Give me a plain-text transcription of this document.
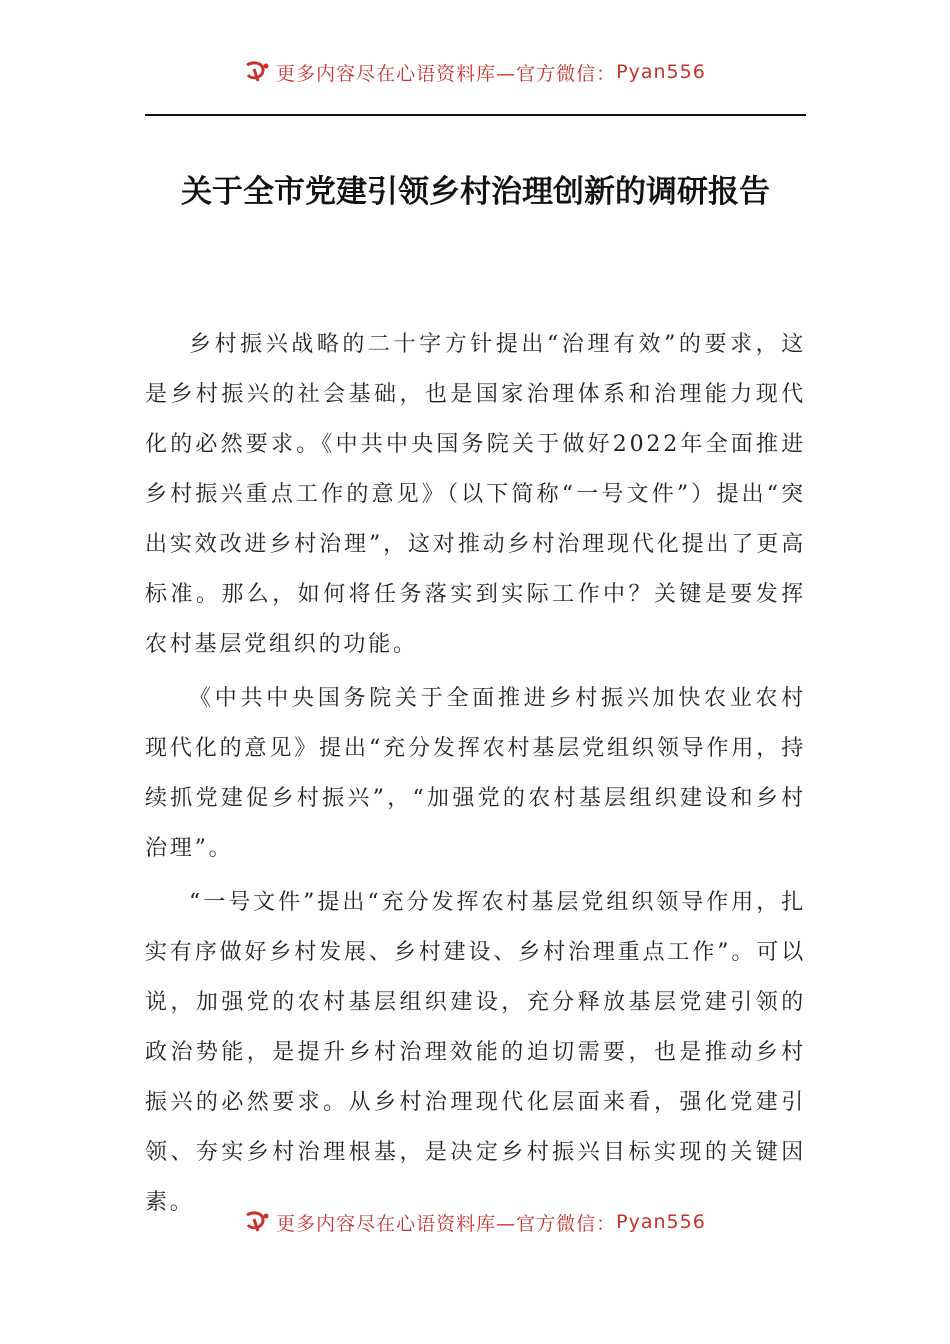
更多内容尽在心语资料库—官方微信： Pyan556
关于全市党建引领乡村治理创新的调研报告

乡村振兴战略的二十字方针提出“治理有效”的要求，这是乡村振兴的社会基础，也是国家治理体系和治理能力现代化的必然要求。《中共中央国务院关于做好2022年全面推进乡村振兴重点工作的意见》（以下简称“一号文件”）提出“突出实效改进乡村治理”，这对推动乡村治理现代化提出了更高标准。那么，如何将任务落实到实际工作中？关键是要发挥农村基层党组织的功能。

《中共中央国务院关于全面推进乡村振兴加快农业农村现代化的意见》提出“充分发挥农村基层党组织领导作用，持续抓党建促乡村振兴”，“加强党的农村基层组织建设和乡村治理”。

“一号文件”提出“充分发挥农村基层党组织领导作用，扎实有序做好乡村发展、乡村建设、乡村治理重点工作”。可以说，加强党的农村基层组织建设，充分释放基层党建引领的政治势能，是提升乡村治理效能的迫切需要，也是推动乡村振兴的必然要求。从乡村治理现代化层面来看，强化党建引领、夯实乡村治理根基，是决定乡村振兴目标实现的关键因素。

更多内容尽在心语资料库—官方微信： Pyan556
